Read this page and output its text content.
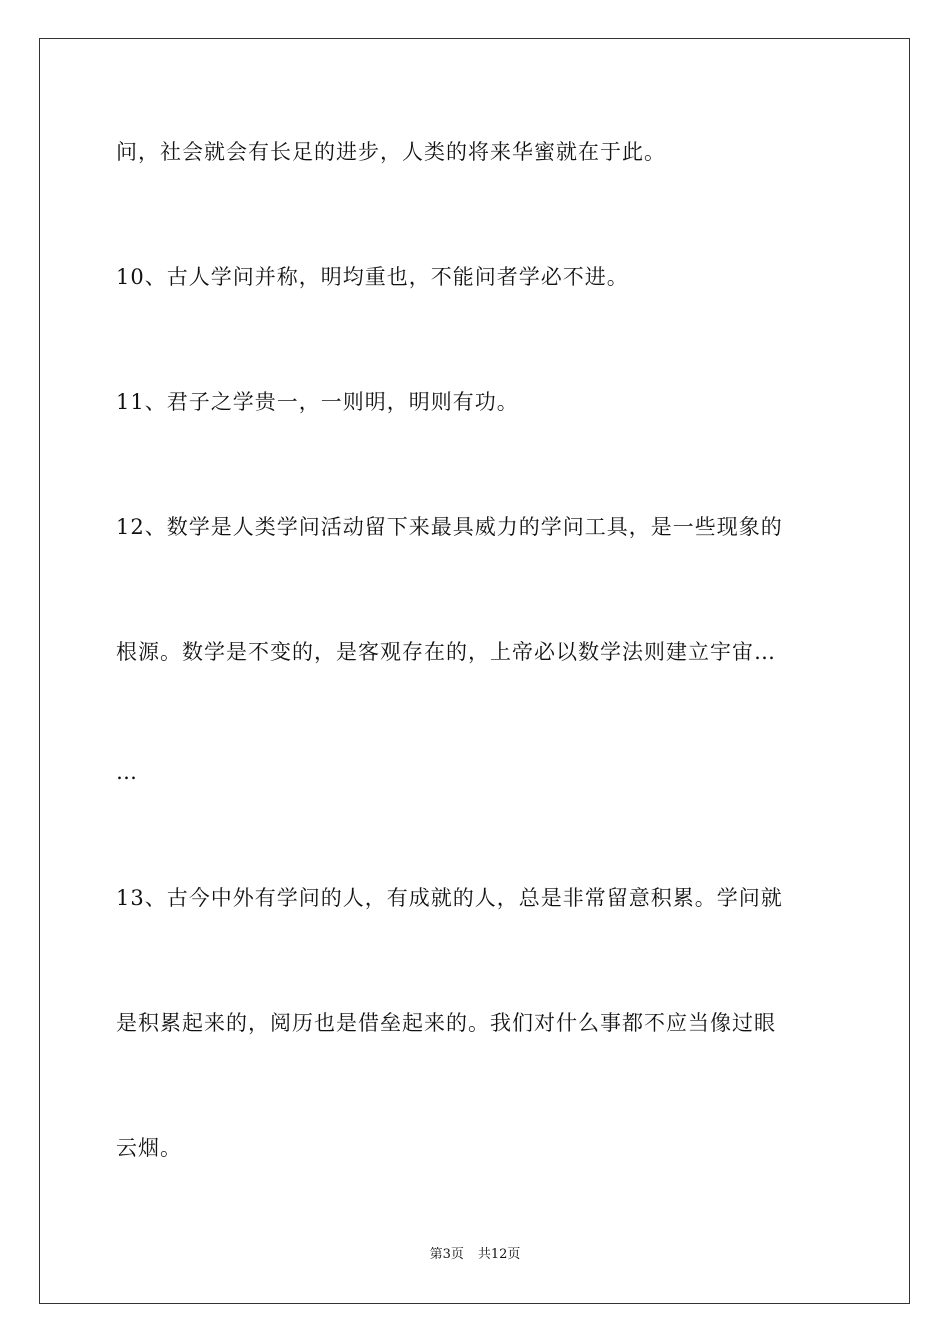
问，社会就会有长足的进步，人类的将来华蜜就在于此。
10、古人学问并称，明均重也，不能问者学必不进。
11、君子之学贵一，一则明，明则有功。
12、数学是人类学问活动留下来最具威力的学问工具，是一些现象的
根源。数学是不变的，是客观存在的，上帝必以数学法则建立宇宙…
…
13、古今中外有学问的人，有成就的人，总是非常留意积累。学问就
是积累起来的，阅历也是借垒起来的。我们对什么事都不应当像过眼
云烟。
第3页 共12页
